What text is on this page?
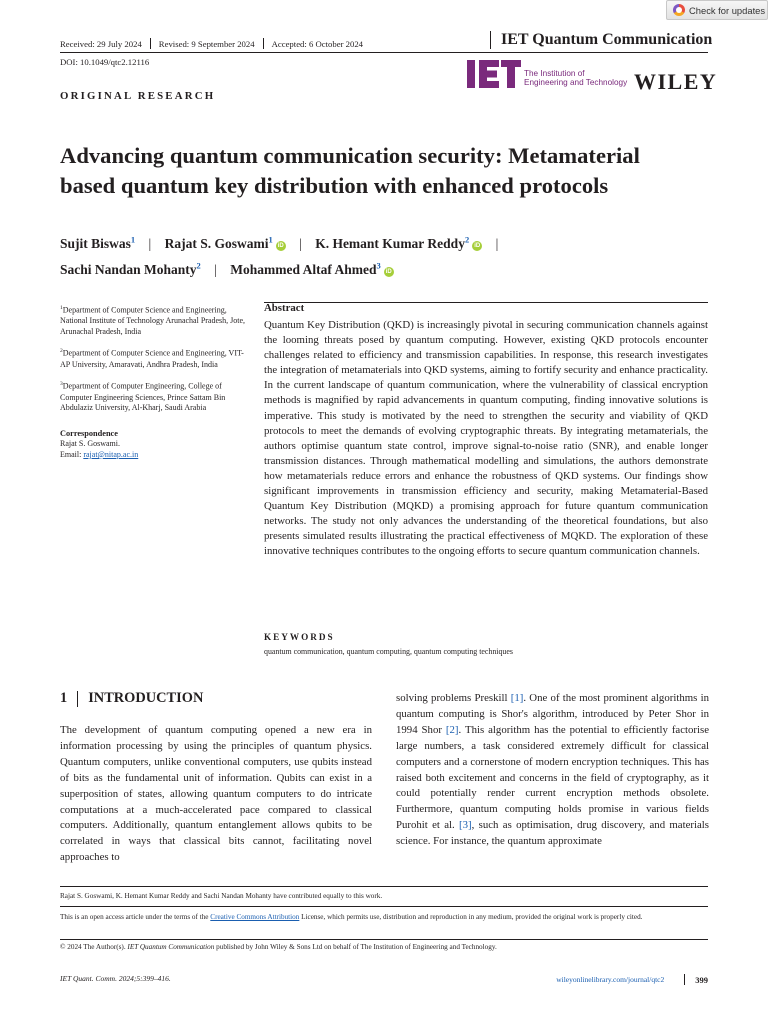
Check for updates
Received: 29 July 2024 Revised: 9 September 2024 Accepted: 6 October 2024	IET Quantum Communication
DOI: 10.1049/qtc2.12116
The Institution of
Engineering and Technology WILEY
ORIGINAL RESEARCH
Advancing quantum communication security: Metamaterial
based quantum key distribution with enhanced protocols
Sujit Biswas$^1$ | Rajat S. Goswami$^1$iD | K. Hemant Kumar Reddy$^2$iD |
Sachi Nandan Mohanty$^2$ | Mohammed Altaf Ahmed$^3$iD
$^1$Department of Computer Science and Engineering, National Institute of Technology Arunachal Pradesh, Jote, Arunachal Pradesh, India
$^2$Department of Computer Science and Engineering, VIT-AP University, Amaravati, Andhra Pradesh, India
$^3$Department of Computer Engineering, College of Computer Engineering Sciences, Prince Sattam Bin Abdulaziz University, Al-Kharj, Saudi Arabia
Correspondence
Rajat S. Goswami.
Email: rajat@nitap.ac.in
Abstract
Quantum Key Distribution (QKD) is increasingly pivotal in securing communication channels against the looming threats posed by quantum computing. However, existing QKD protocols encounter challenges related to efficiency and transmission capabilities. In response, this research investigates the integration of metamaterials into QKD systems, aiming to fortify security and enhance practicality. In the current landscape of quantum communication, where the vulnerability of classical encryption methods is magnified by rapid advancements in quantum computing, finding innovative solutions is imperative. This study is motivated by the need to strengthen the security and viability of QKD protocols to meet the demands of evolving cryptographic threats. By integrating metamaterials, the authors optimise quantum state control, improve signal-to-noise ratio (SNR), and enable longer transmission distances. Through mathematical modelling and simulations, the authors demonstrate how metamaterials reduce errors and enhance the robustness of QKD systems. Our findings show significant improvements in transmission efficiency and security, making Metamaterial-Based Quantum Key Distribution (MQKD) a promising approach for future quantum communication networks. The study not only advances the understanding of the theoretical foundations, but also presents simulated results illustrating the practical effectiveness of MQKD. The exploration of these innovative techniques contributes to the ongoing efforts to secure quantum communication channels.
KEYWORDS
quantum communication, quantum computing, quantum computing techniques
1 INTRODUCTION
The development of quantum computing opened a new era in information processing by using the principles of quantum physics. Quantum computers, unlike conventional computers, use qubits instead of bits as the fundamental unit of information. Qubits can exist in a superposition of states, allowing quantum computers to do intricate computations at a much-accelerated pace compared to classical computers. Additionally, quantum entanglement allows qubits to be correlated in ways that classical bits cannot, facilitating novel approaches to
solving problems Preskill [1]. One of the most prominent algorithms in quantum computing is Shor's algorithm, introduced by Peter Shor in 1994 Shor [2]. This algorithm has the potential to efficiently factorise large numbers, a task considered extremely difficult for classical computers and a cornerstone of modern encryption techniques. This has raised both excitement and concerns in the field of cryptography, as it could potentially render current encryption methods obsolete. Furthermore, quantum computing holds promise in various fields Purohit et al. [3], such as optimisation, drug discovery, and materials science. For instance, the quantum approximate
Rajat S. Goswami, K. Hemant Kumar Reddy and Sachi Nandan Mohanty have contributed equally to this work.
This is an open access article under the terms of the Creative Commons Attribution License, which permits use, distribution and reproduction in any medium, provided the original work is properly cited.
© 2024 The Author(s). IET Quantum Communication published by John Wiley & Sons Ltd on behalf of The Institution of Engineering and Technology.
IET Quant. Comm. 2024;5:399–416.	wileyonlinelibrary.com/journal/qtc2	399
